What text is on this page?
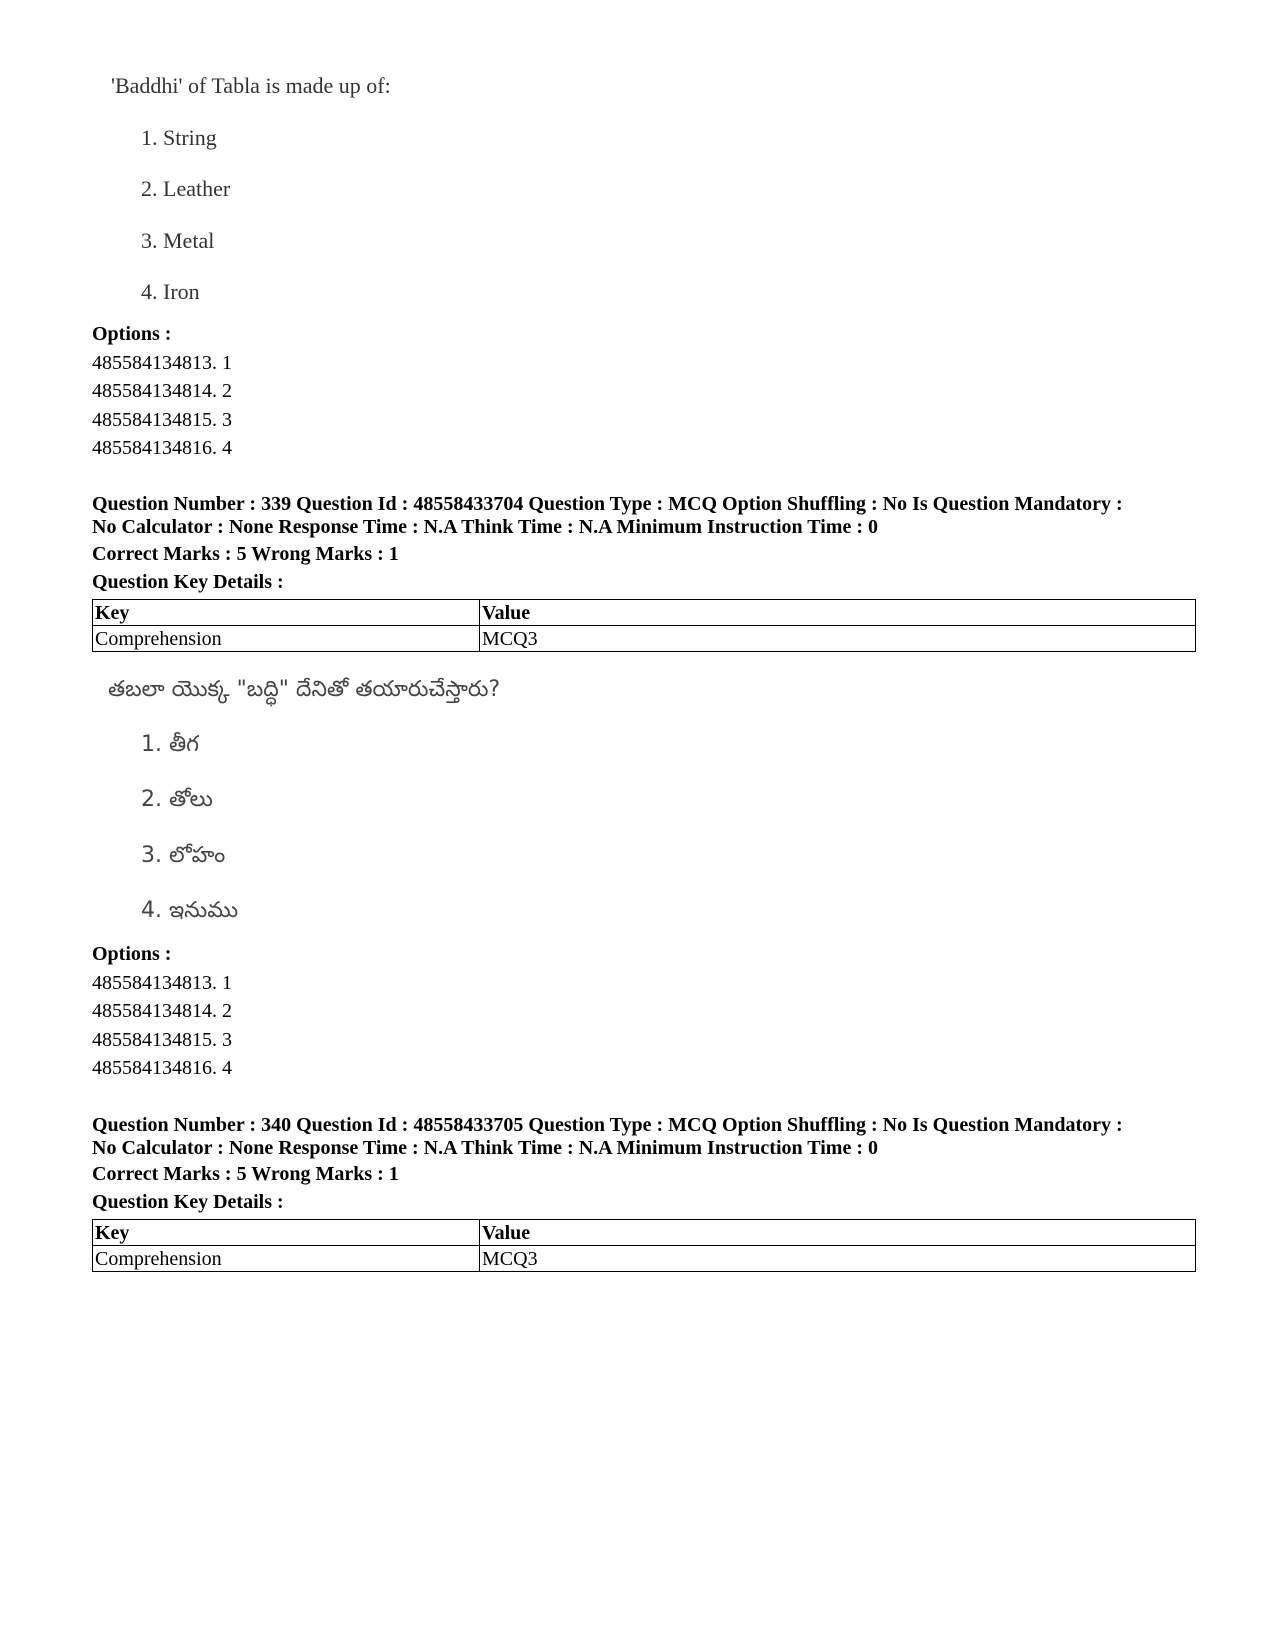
'Baddhi' of Tabla is made up of:

1. String
2. Leather
3. Metal
4. Iron
Options :
485584134813. 1
485584134814. 2
485584134815. 3
485584134816. 4
Question Number : 339 Question Id : 48558433704 Question Type : MCQ Option Shuffling : No Is Question Mandatory :
No Calculator : None Response Time : N.A Think Time : N.A Minimum Instruction Time : 0
Correct Marks : 5 Wrong Marks : 1
Question Key Details :
Key	Value
Comprehension	MCQ3

తబలా యొక్క "బద్ధి" దేనితో తయారుచేస్తారు?

1. తీగ
2. తోలు
3. లోహం
4. ఇనుము
Options :
485584134813. 1
485584134814. 2
485584134815. 3
485584134816. 4
Question Number : 340 Question Id : 48558433705 Question Type : MCQ Option Shuffling : No Is Question Mandatory :
No Calculator : None Response Time : N.A Think Time : N.A Minimum Instruction Time : 0
Correct Marks : 5 Wrong Marks : 1
Question Key Details :
Key	Value
Comprehension	MCQ3
